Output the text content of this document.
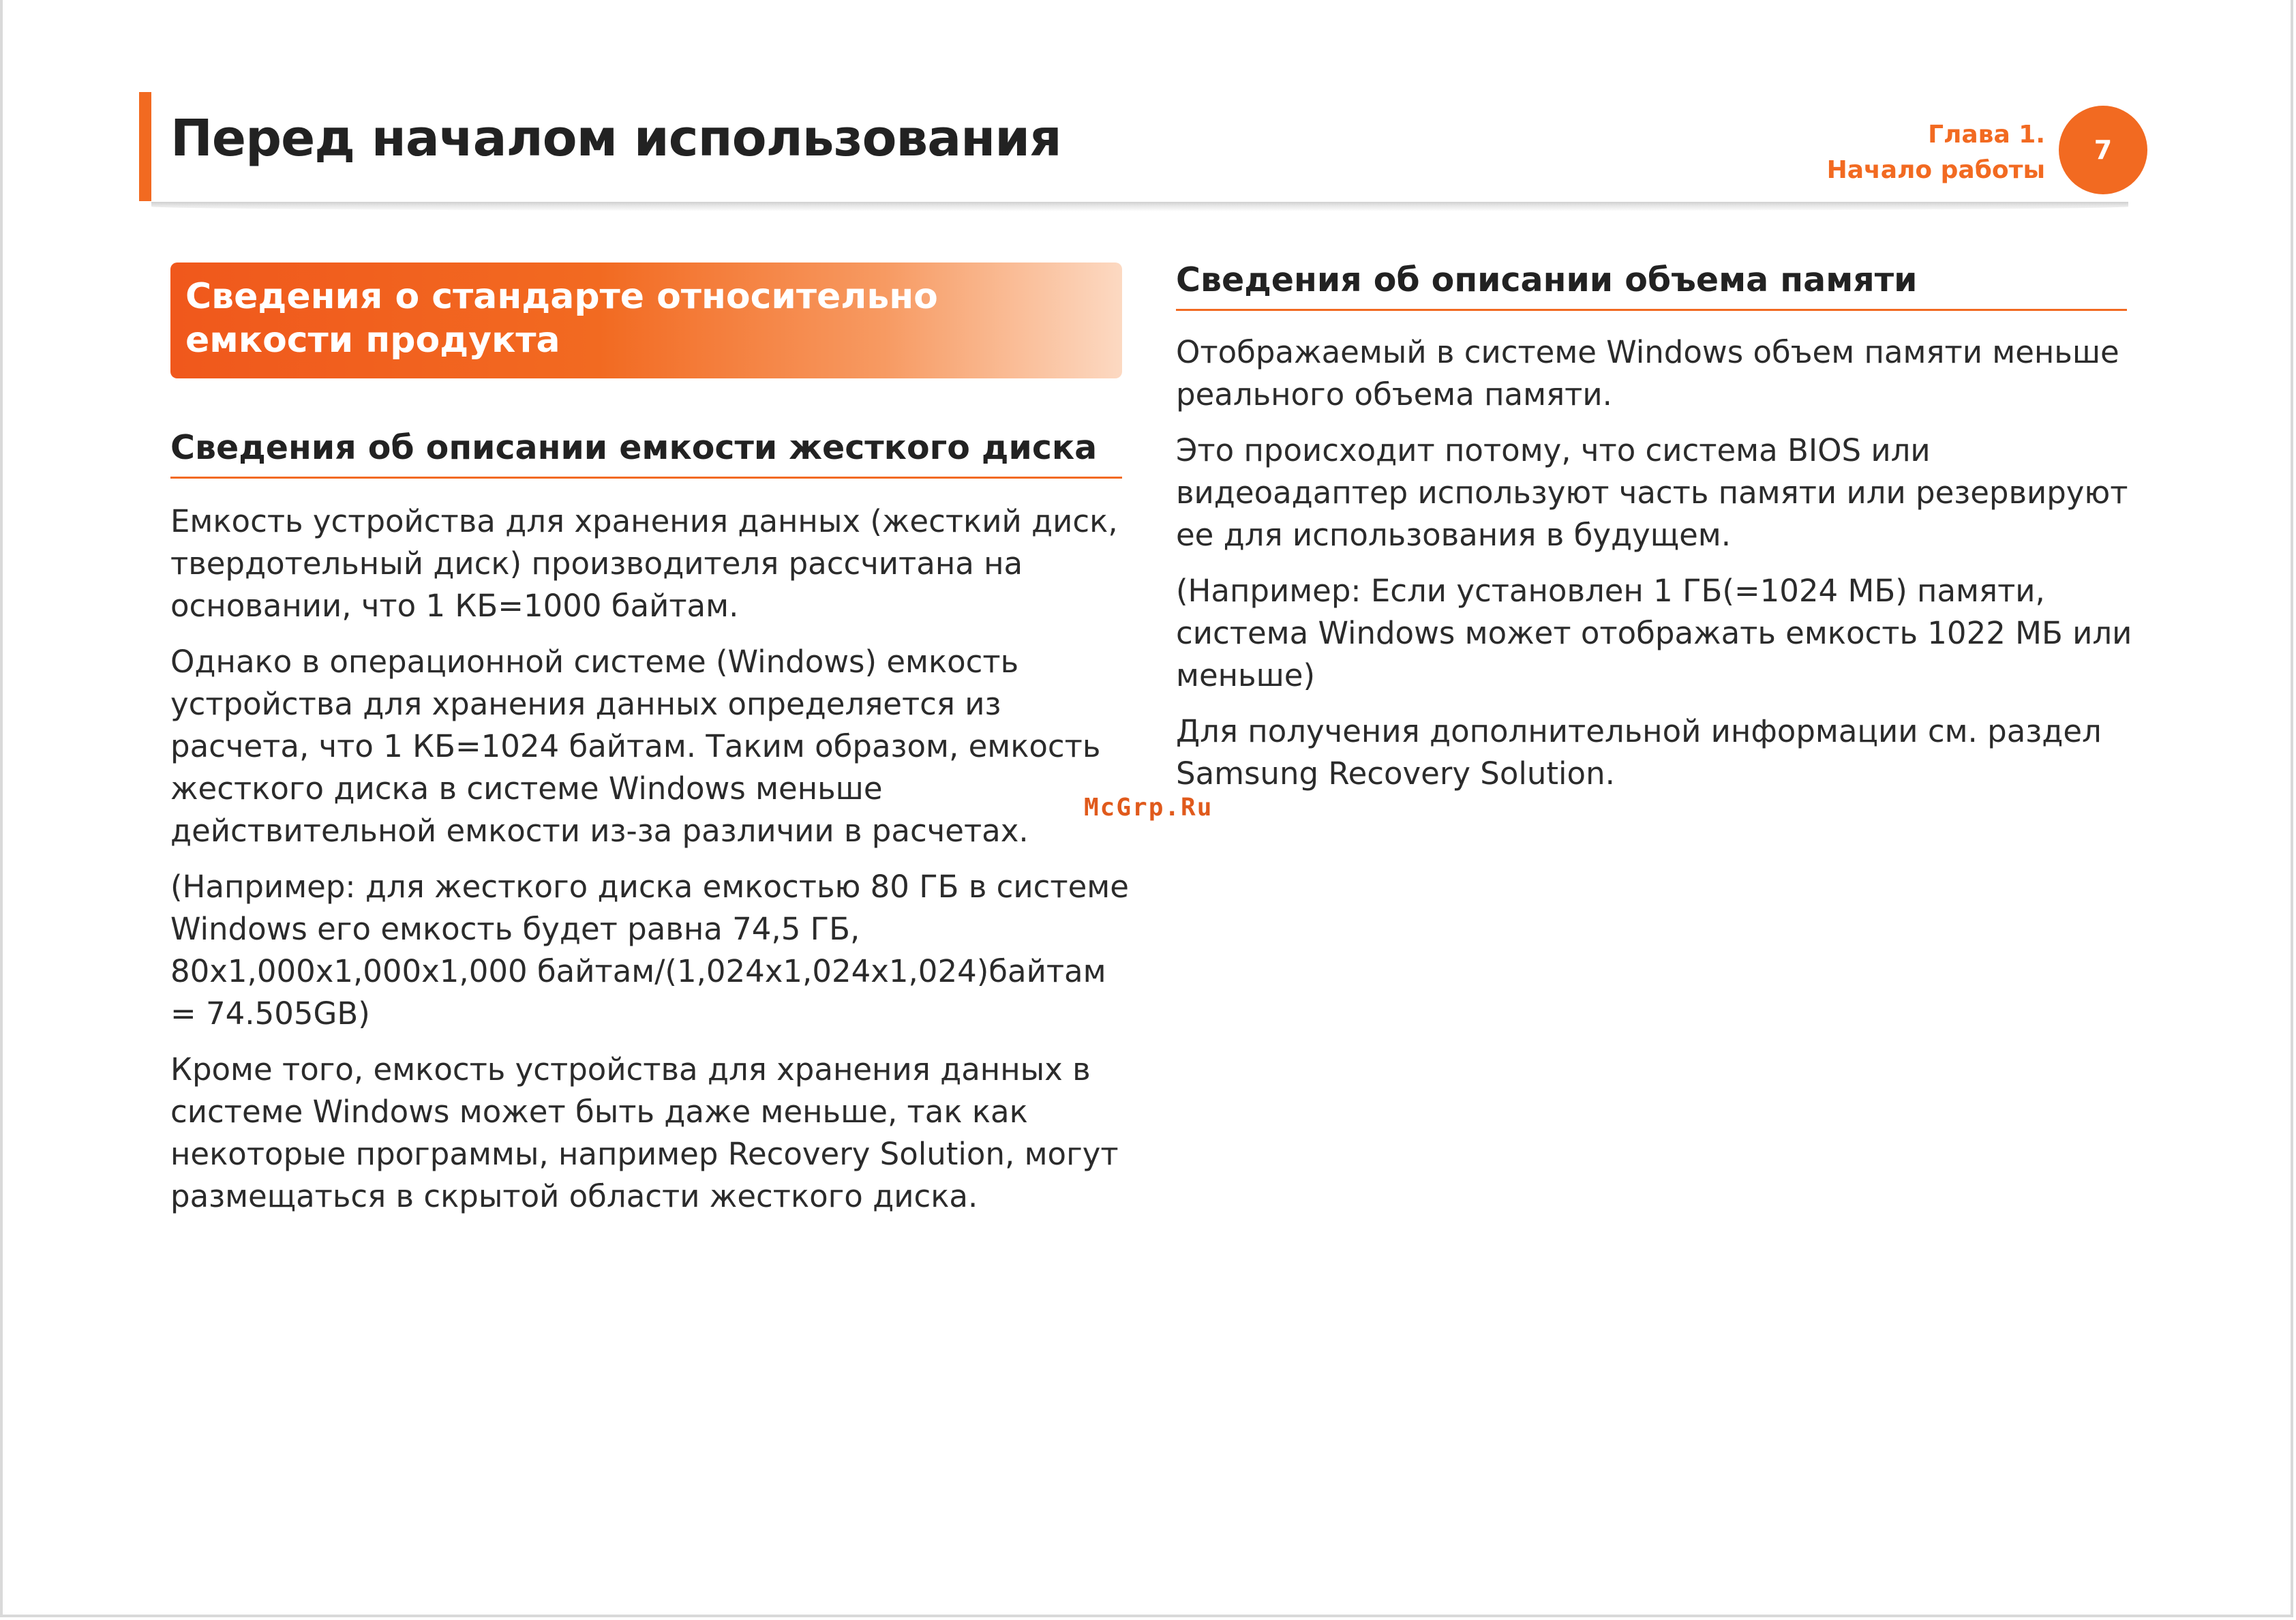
Перед началом использования	Глава 1.
Начало работы
7
Сведения о стандарте относительно емкости продукта
Сведения об описании емкости жесткого диска

Емкость устройства для хранения данных (жесткий диск, твердотельный диск) производителя рассчитана на основании, что 1 КБ=1000 байтам.

Однако в операционной системе (Windows) емкость устройства для хранения данных определяется из расчета, что 1 КБ=1024 байтам. Таким образом, емкость жесткого диска в системе Windows меньше действительной емкости из-за различии в расчетах.

(Например: для жесткого диска емкостью 80 ГБ в системе Windows его емкость будет равна 74,5 ГБ, 80x1,000x1,000x1,000 байтам/(1,024x1,024x1,024)байтам = 74.505GB)

Кроме того, емкость устройства для хранения данных в системе Windows может быть даже меньше, так как некоторые программы, например Recovery Solution, могут размещаться в скрытой области жесткого диска.

Сведения об описании объема памяти

Отображаемый в системе Windows объем памяти меньше реального объема памяти.

Это происходит потому, что система BIOS или видеоадаптер используют часть памяти или резервируют ее для использования в будущем.

(Например: Если установлен 1 ГБ(=1024 МБ) памяти, система Windows может отображать емкость 1022 МБ или меньше)

Для получения дополнительной информации см. раздел Samsung Recovery Solution.

McGrp.Ru
